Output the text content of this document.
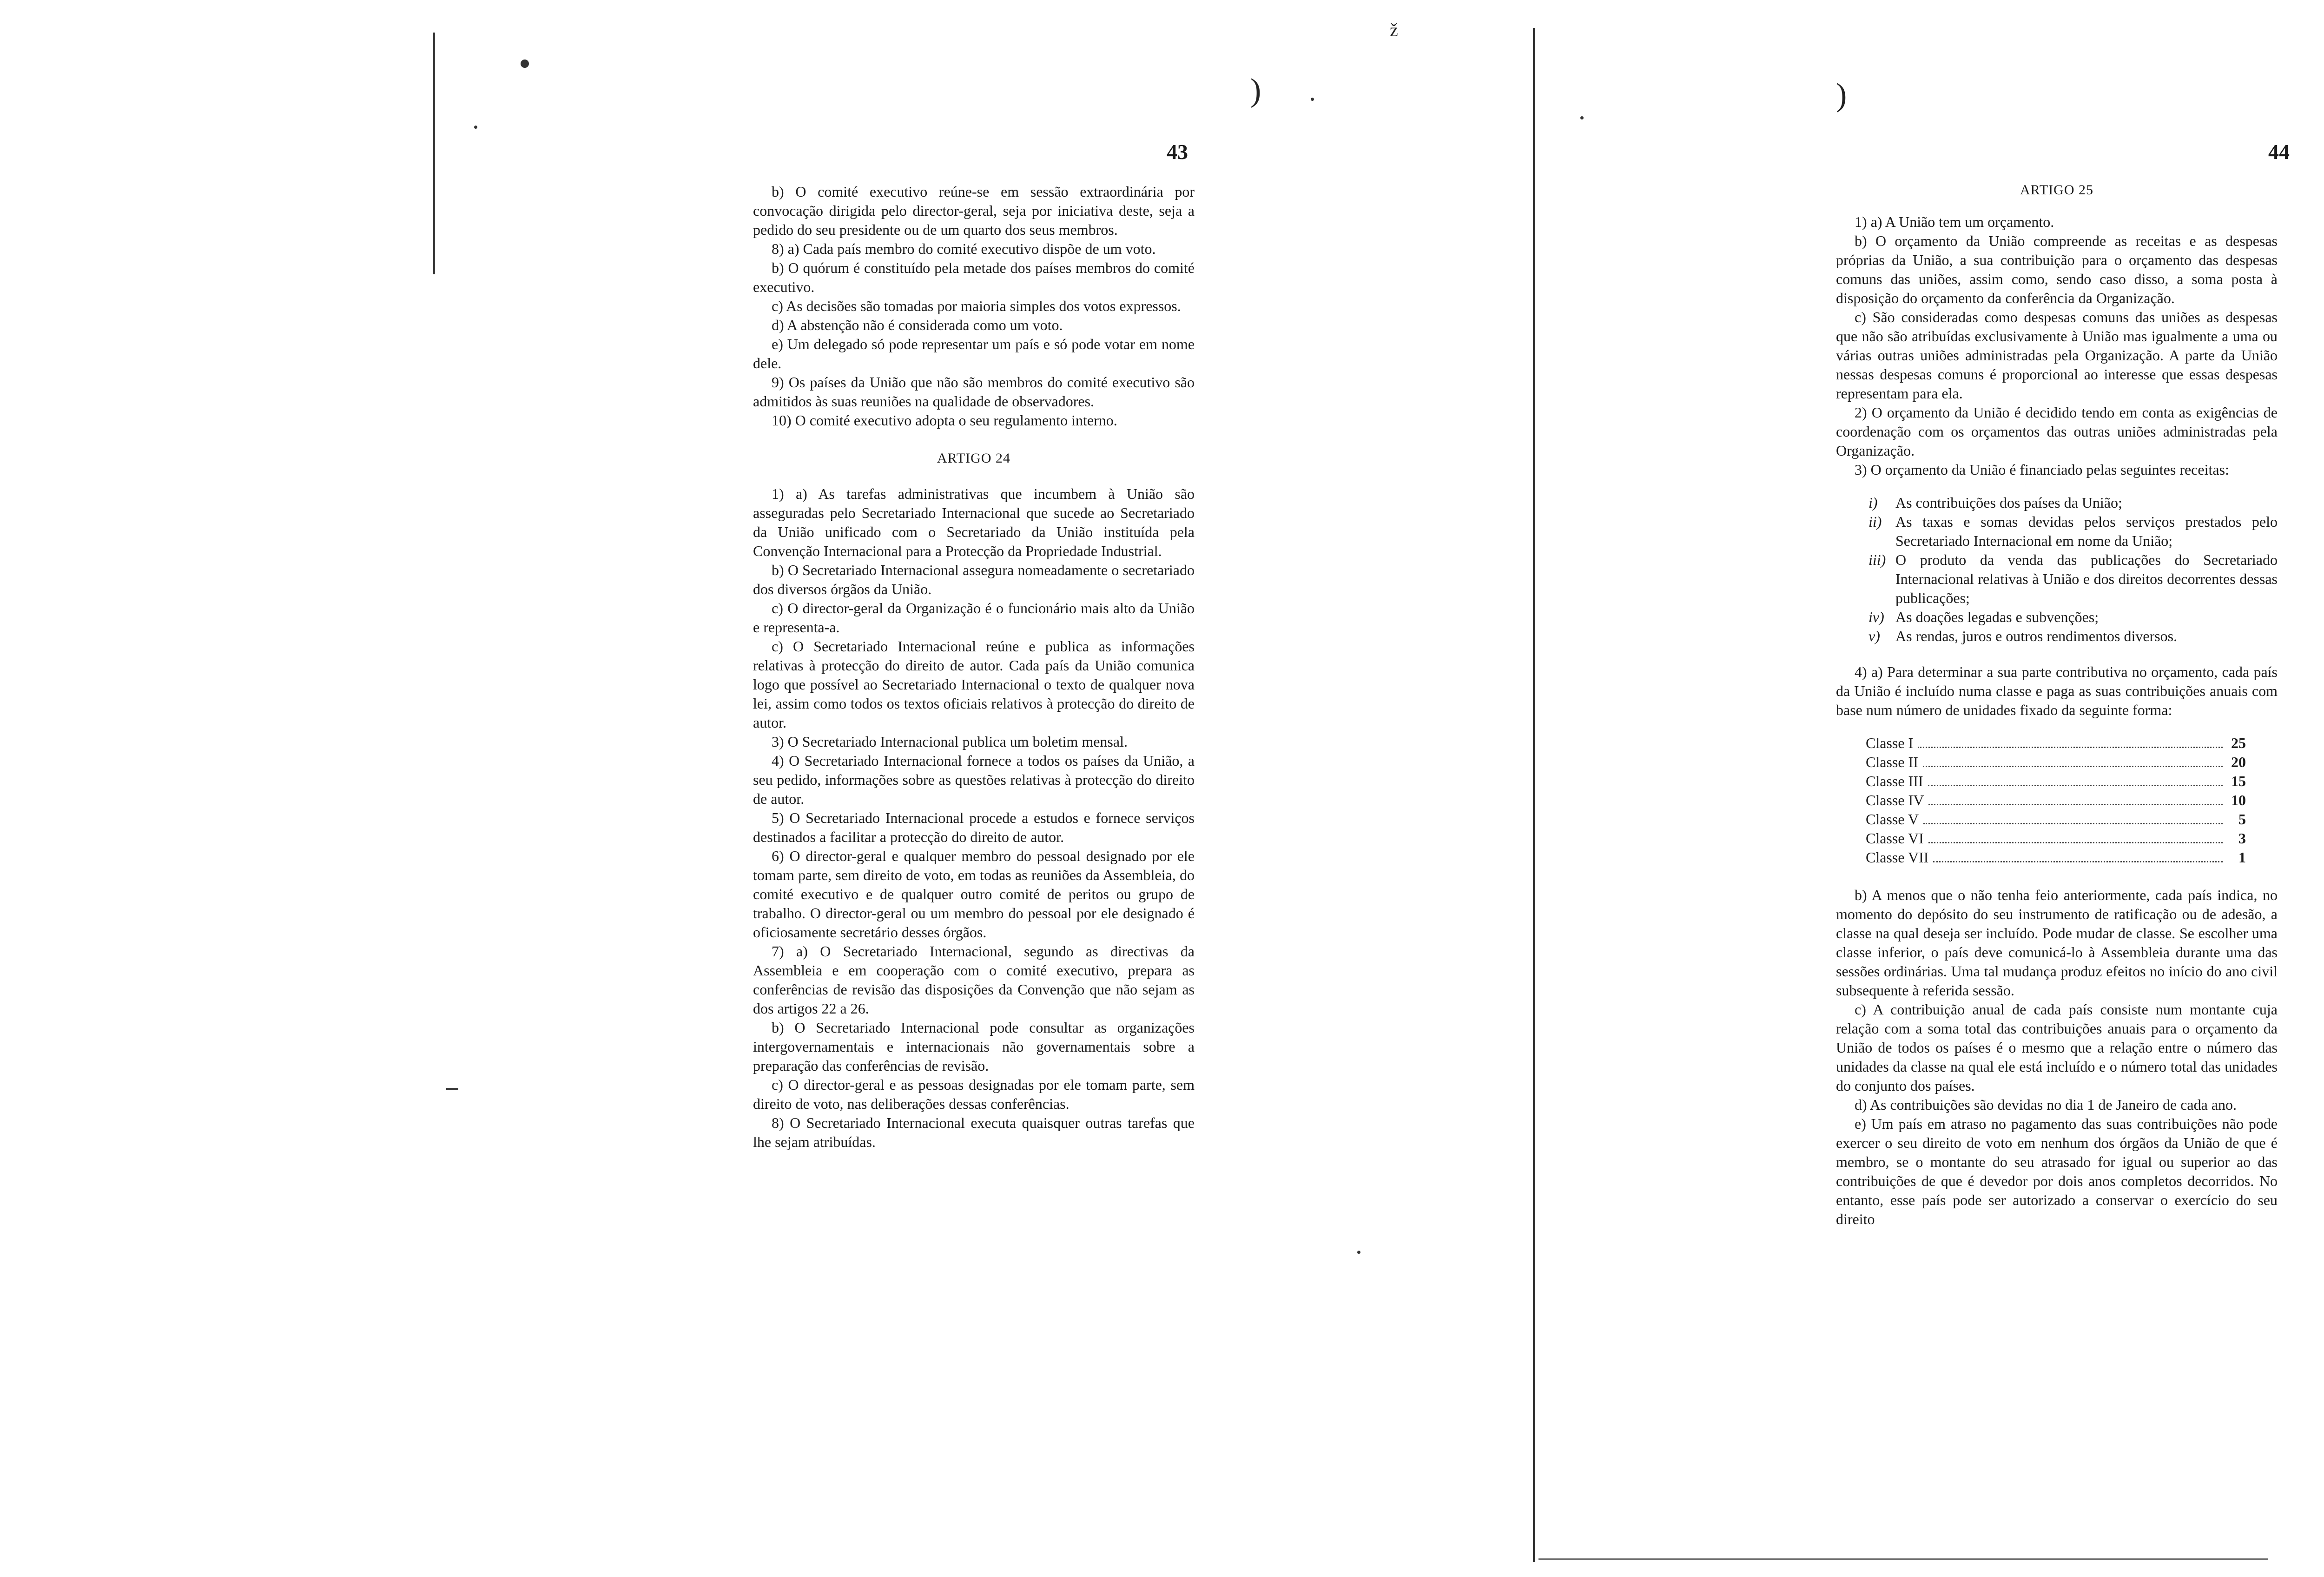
)	)
ž
43

b) O comité executivo reúne-se em sessão extraordinária por convocação dirigida pelo director-geral, seja por iniciativa deste, seja a pedido do seu presidente ou de um quarto dos seus membros.

8) a) Cada país membro do comité executivo dispõe de um voto.

b) O quórum é constituído pela metade dos países membros do comité executivo.

c) As decisões são tomadas por maioria simples dos votos expressos.

d) A abstenção não é considerada como um voto.

e) Um delegado só pode representar um país e só pode votar em nome dele.

9) Os países da União que não são membros do comité executivo são admitidos às suas reuniões na qualidade de observadores.

10) O comité executivo adopta o seu regulamento interno.

ARTIGO 24

1) a) As tarefas administrativas que incumbem à União são asseguradas pelo Secretariado Internacional que sucede ao Secretariado da União unificado com o Secretariado da União instituída pela Convenção Internacional para a Protecção da Propriedade Industrial.

b) O Secretariado Internacional assegura nomeadamente o secretariado dos diversos órgãos da União.

c) O director-geral da Organização é o funcionário mais alto da União e representa-a.

c) O Secretariado Internacional reúne e publica as informações relativas à protecção do direito de autor. Cada país da União comunica logo que possível ao Secretariado Internacional o texto de qualquer nova lei, assim como todos os textos oficiais relativos à protecção do direito de autor.

3) O Secretariado Internacional publica um boletim mensal.

4) O Secretariado Internacional fornece a todos os países da União, a seu pedido, informações sobre as questões relativas à protecção do direito de autor.

5) O Secretariado Internacional procede a estudos e fornece serviços destinados a facilitar a protecção do direito de autor.

6) O director-geral e qualquer membro do pessoal designado por ele tomam parte, sem direito de voto, em todas as reuniões da Assembleia, do comité executivo e de qualquer outro comité de peritos ou grupo de trabalho. O director-geral ou um membro do pessoal por ele designado é oficiosamente secretário desses órgãos.

7) a) O Secretariado Internacional, segundo as directivas da Assembleia e em cooperação com o comité executivo, prepara as conferências de revisão das disposições da Convenção que não sejam as dos artigos 22 a 26.

b) O Secretariado Internacional pode consultar as organizações intergovernamentais e internacionais não governamentais sobre a preparação das conferências de revisão.

c) O director-geral e as pessoas designadas por ele tomam parte, sem direito de voto, nas deliberações dessas conferências.

8) O Secretariado Internacional executa quaisquer outras tarefas que lhe sejam atribuídas.

44
ARTIGO 25

1) a) A União tem um orçamento.

b) O orçamento da União compreende as receitas e as despesas próprias da União, a sua contribuição para o orçamento das despesas comuns das uniões, assim como, sendo caso disso, a soma posta à disposição do orçamento da conferência da Organização.

c) São consideradas como despesas comuns das uniões as despesas que não são atribuídas exclusivamente à União mas igualmente a uma ou várias outras uniões administradas pela Organização. A parte da União nessas despesas comuns é proporcional ao interesse que essas despesas representam para ela.

2) O orçamento da União é decidido tendo em conta as exigências de coordenação com os orçamentos das outras uniões administradas pela Organização.

3) O orçamento da União é financiado pelas seguintes receitas:

i) As contribuições dos países da União;
ii) As taxas e somas devidas pelos serviços prestados pelo Secretariado Internacional em nome da União;
iii) O produto da venda das publicações do Secretariado Internacional relativas à União e dos direitos decorrentes dessas publicações;
iv) As doações legadas e subvenções;
v) As rendas, juros e outros rendimentos diversos.

4) a) Para determinar a sua parte contributiva no orçamento, cada país da União é incluído numa classe e paga as suas contribuições anuais com base num número de unidades fixado da seguinte forma:

Classe I	25
Classe II	20
Classe III	15
Classe IV	10
Classe V	5
Classe VI	3
Classe VII	1

b) A menos que o não tenha feio anteriormente, cada país indica, no momento do depósito do seu instrumento de ratificação ou de adesão, a classe na qual deseja ser incluído. Pode mudar de classe. Se escolher uma classe inferior, o país deve comunicá-lo à Assembleia durante uma das sessões ordinárias. Uma tal mudança produz efeitos no início do ano civil subsequente à referida sessão.

c) A contribuição anual de cada país consiste num montante cuja relação com a soma total das contribuições anuais para o orçamento da União de todos os países é o mesmo que a relação entre o número das unidades da classe na qual ele está incluído e o número total das unidades do conjunto dos países.

d) As contribuições são devidas no dia 1 de Janeiro de cada ano.

e) Um país em atraso no pagamento das suas contribuições não pode exercer o seu direito de voto em nenhum dos órgãos da União de que é membro, se o montante do seu atrasado for igual ou superior ao das contribuições de que é devedor por dois anos completos decorridos. No entanto, esse país pode ser autorizado a conservar o exercício do seu direito
